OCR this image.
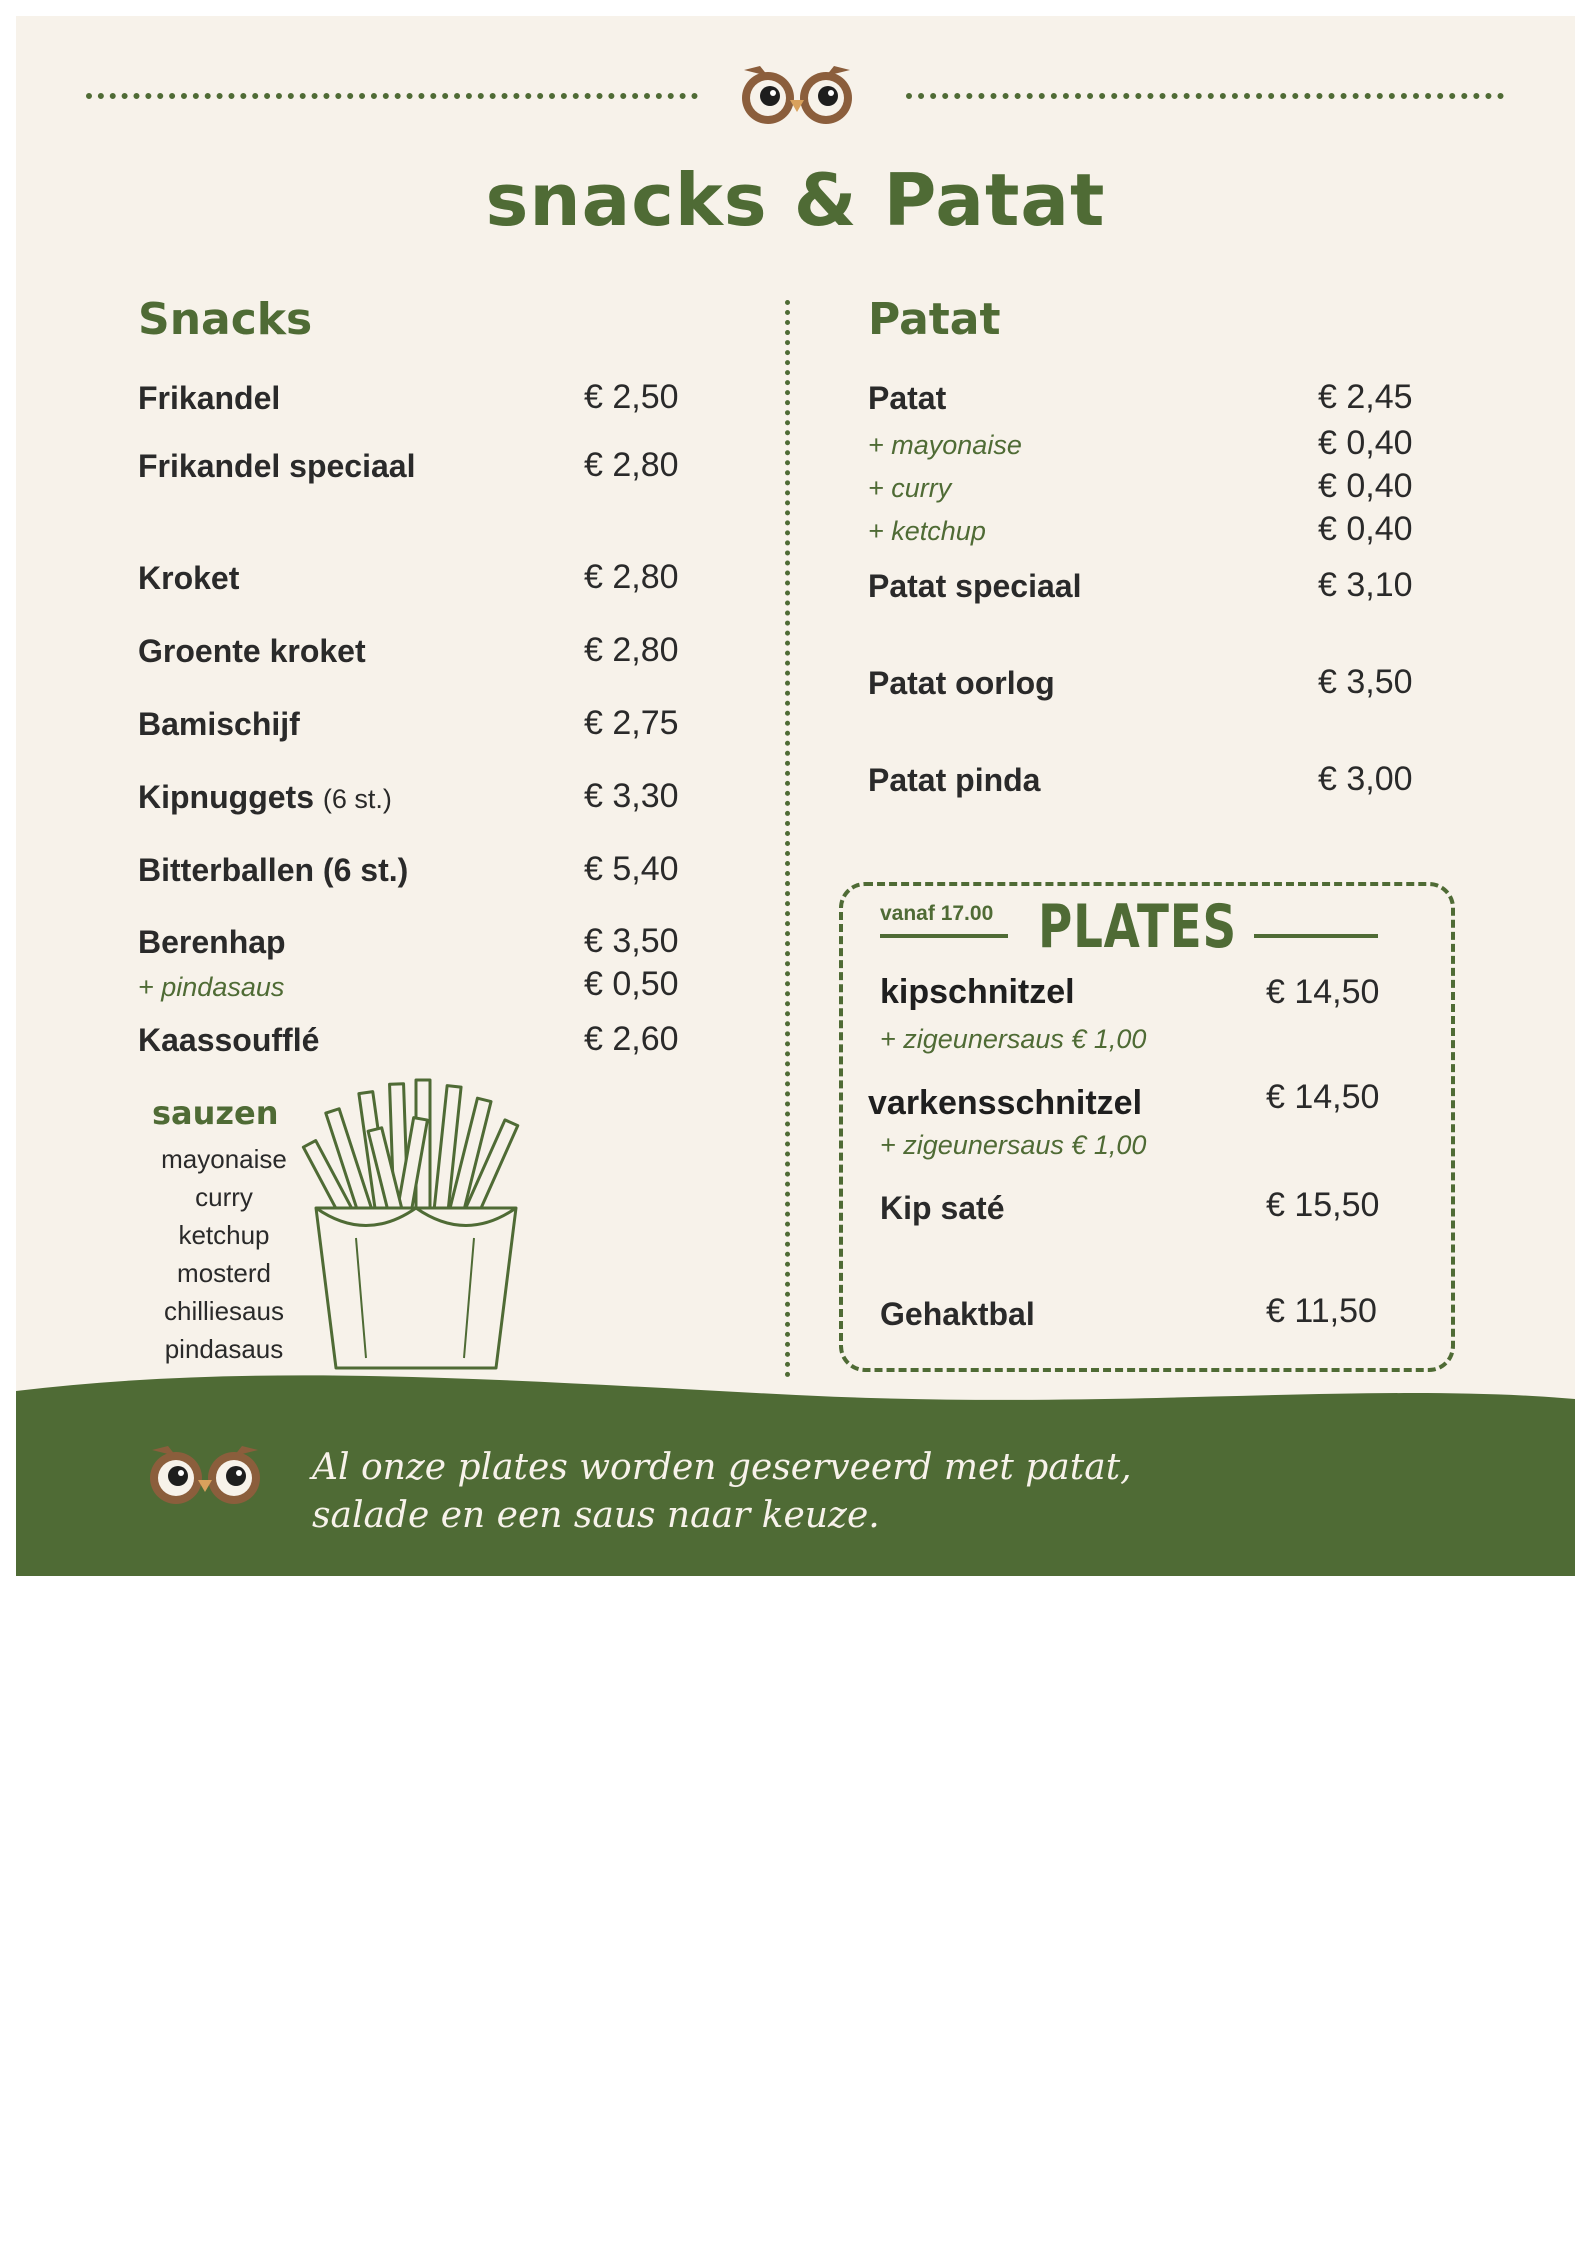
snacks & Patat
Snacks
Frikandel	€ 2,50
Frikandel speciaal	€ 2,80
Kroket	€ 2,80
Groente kroket	€ 2,80
Bamischijf	€ 2,75
Kipnuggets (6 st.)	€ 3,30
Bitterballen (6 st.)	€ 5,40
Berenhap	€ 3,50
+ pindasaus	€ 0,50
Kaassoufflé	€ 2,60
sauzen
mayonaise
curry
ketchup
mosterd
chilliesaus
pindasaus
Patat
Patat	€ 2,45
+ mayonaise	€ 0,40
+ curry	€ 0,40
+ ketchup	€ 0,40
Patat speciaal	€ 3,10
Patat oorlog	€ 3,50
Patat pinda	€ 3,00
vanaf 17.00 PLATES
kipschnitzel	€ 14,50
+ zigeunersaus € 1,00
varkensschnitzel	€ 14,50
+ zigeunersaus € 1,00
Kip saté	€ 15,50
Gehaktbal	€ 11,50

Al onze plates worden geserveerd met patat,
salade en een saus naar keuze.
